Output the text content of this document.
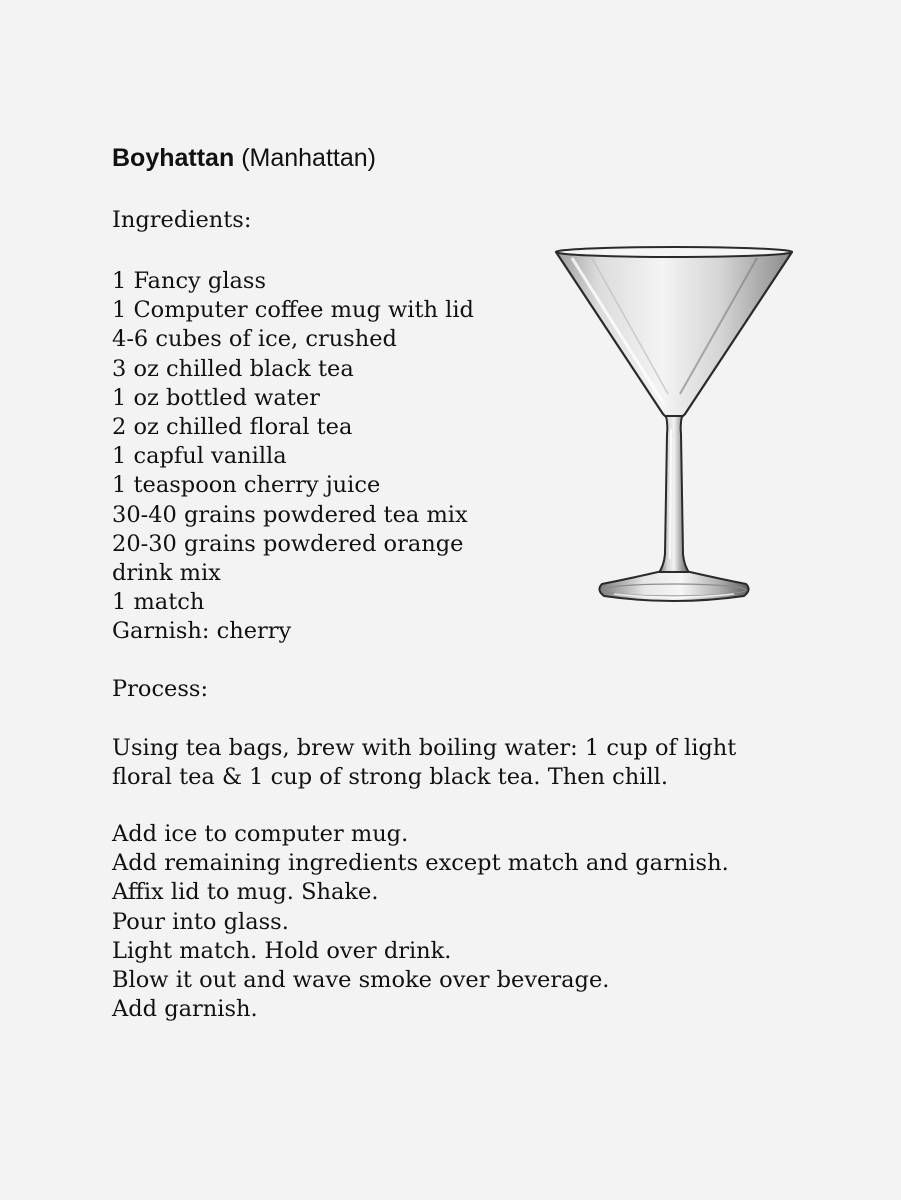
Boyhattan (Manhattan)
Ingredients:
1 Fancy glass
1 Computer coffee mug with lid
4-6 cubes of ice, crushed
3 oz chilled black tea
1 oz bottled water
2 oz chilled floral tea
1 capful vanilla
1 teaspoon cherry juice
30-40 grains powdered tea mix
20-30 grains powdered orange
drink mix
1 match
Garnish: cherry
Process:
Using tea bags, brew with boiling water: 1 cup of light
floral tea & 1 cup of strong black tea. Then chill.
Add ice to computer mug.
Add remaining ingredients except match and garnish.
Affix lid to mug. Shake.
Pour into glass.
Light match. Hold over drink.
Blow it out and wave smoke over beverage.
Add garnish.
